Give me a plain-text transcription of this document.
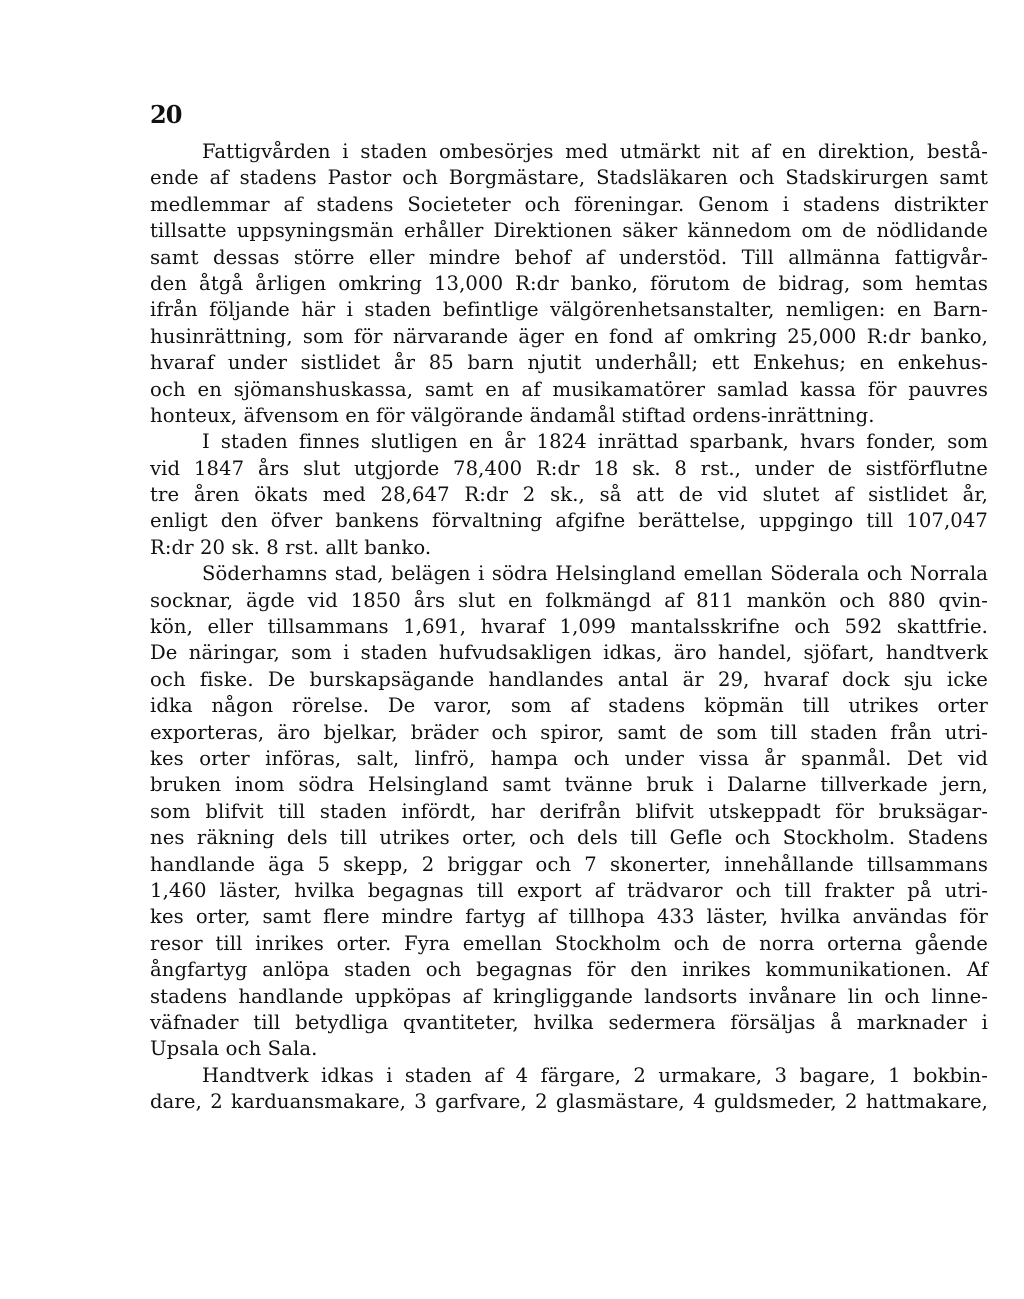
20
Fattigvården i staden ombesörjes med utmärkt nit af en direktion, bestå-
ende af stadens Pastor och Borgmästare, Stadsläkaren och Stadskirurgen samt
medlemmar af stadens Societeter och föreningar. Genom i stadens distrikter
tillsatte uppsyningsmän erhåller Direktionen säker kännedom om de nödlidande
samt dessas större eller mindre behof af understöd. Till allmänna fattigvår-
den åtgå årligen omkring 13,000 R:dr banko, förutom de bidrag, som hemtas
ifrån följande här i staden befintlige välgörenhetsanstalter, nemligen: en Barn-
husinrättning, som för närvarande äger en fond af omkring 25,000 R:dr banko,
hvaraf under sistlidet år 85 barn njutit underhåll; ett Enkehus; en enkehus-
och en sjömanshuskassa, samt en af musikamatörer samlad kassa för pauvres
honteux, äfvensom en för välgörande ändamål stiftad ordens-inrättning.
I staden finnes slutligen en år 1824 inrättad sparbank, hvars fonder, som
vid 1847 års slut utgjorde 78,400 R:dr 18 sk. 8 rst., under de sistförflutne
tre åren ökats med 28,647 R:dr 2 sk., så att de vid slutet af sistlidet år,
enligt den öfver bankens förvaltning afgifne berättelse, uppgingo till 107,047
R:dr 20 sk. 8 rst. allt banko.
Söderhamns stad, belägen i södra Helsingland emellan Söderala och Norrala
socknar, ägde vid 1850 års slut en folkmängd af 811 mankön och 880 qvin-
kön, eller tillsammans 1,691, hvaraf 1,099 mantalsskrifne och 592 skattfrie.
De näringar, som i staden hufvudsakligen idkas, äro handel, sjöfart, handtverk
och fiske. De burskapsägande handlandes antal är 29, hvaraf dock sju icke
idka någon rörelse. De varor, som af stadens köpmän till utrikes orter
exporteras, äro bjelkar, bräder och spiror, samt de som till staden från utri-
kes orter införas, salt, linfrö, hampa och under vissa år spanmål. Det vid
bruken inom södra Helsingland samt tvänne bruk i Dalarne tillverkade jern,
som blifvit till staden infördt, har derifrån blifvit utskeppadt för bruksägar-
nes räkning dels till utrikes orter, och dels till Gefle och Stockholm. Stadens
handlande äga 5 skepp, 2 briggar och 7 skonerter, innehållande tillsammans
1,460 läster, hvilka begagnas till export af trädvaror och till frakter på utri-
kes orter, samt flere mindre fartyg af tillhopa 433 läster, hvilka användas för
resor till inrikes orter. Fyra emellan Stockholm och de norra orterna gående
ångfartyg anlöpa staden och begagnas för den inrikes kommunikationen. Af
stadens handlande uppköpas af kringliggande landsorts invånare lin och linne-
väfnader till betydliga qvantiteter, hvilka sedermera försäljas å marknader i
Upsala och Sala.
Handtverk idkas i staden af 4 färgare, 2 urmakare, 3 bagare, 1 bokbin-
dare, 2 karduansmakare, 3 garfvare, 2 glasmästare, 4 guldsmeder, 2 hattmakare,
